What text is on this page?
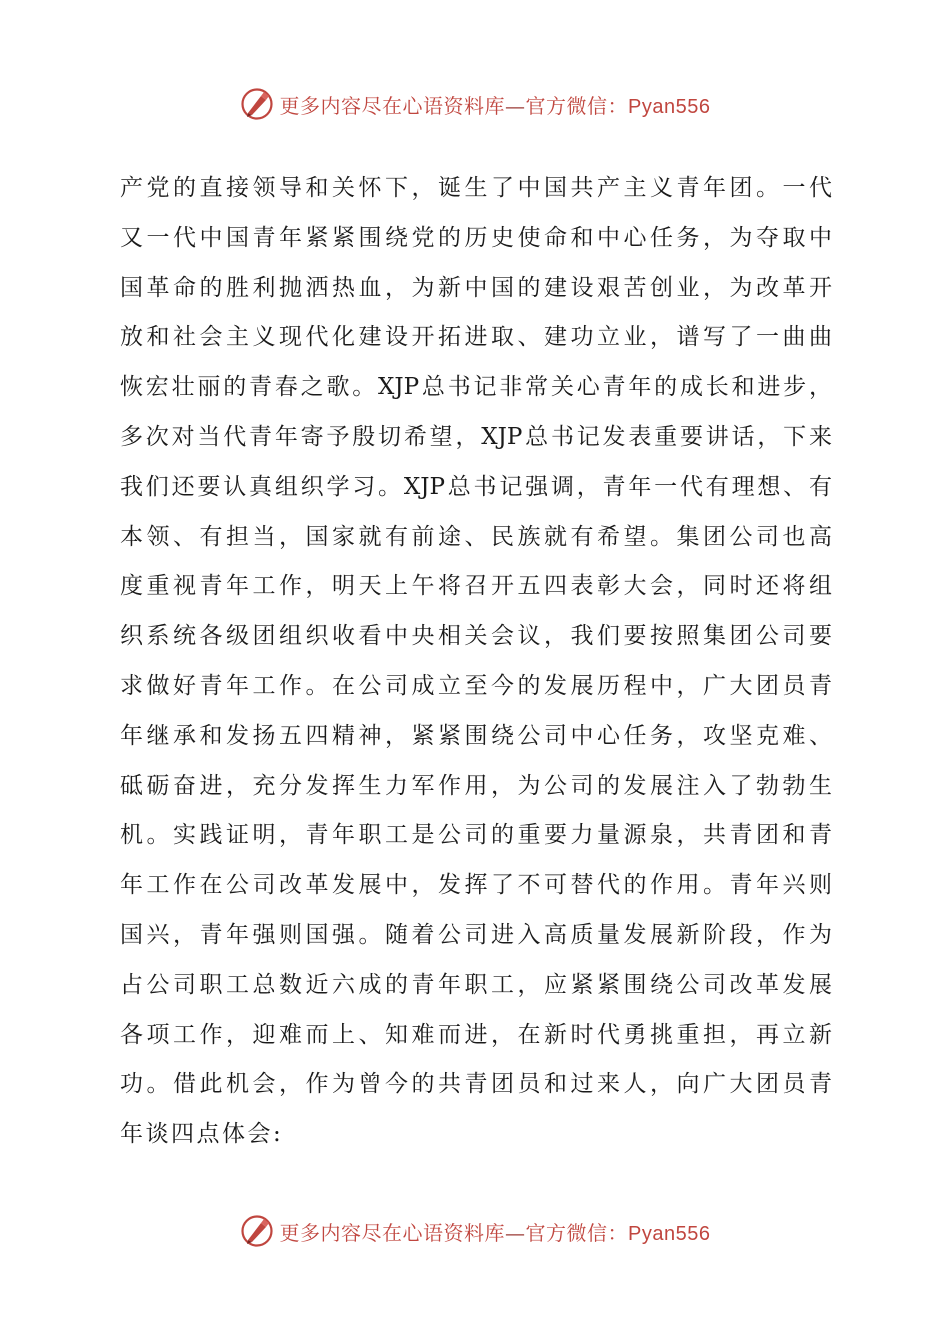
更多内容尽在心语资料库—官方微信：Pyan556
产党的直接领导和关怀下，诞生了中国共产主义青年团。一代
又一代中国青年紧紧围绕党的历史使命和中心任务，为夺取中
国革命的胜利抛洒热血，为新中国的建设艰苦创业，为改革开
放和社会主义现代化建设开拓进取、建功立业，谱写了一曲曲
恢宏壮丽的青春之歌。XJP总书记非常关心青年的成长和进步，
多次对当代青年寄予殷切希望，XJP总书记发表重要讲话，下来
我们还要认真组织学习。XJP总书记强调，青年一代有理想、有
本领、有担当，国家就有前途、民族就有希望。集团公司也高
度重视青年工作，明天上午将召开五四表彰大会，同时还将组
织系统各级团组织收看中央相关会议，我们要按照集团公司要
求做好青年工作。在公司成立至今的发展历程中，广大团员青
年继承和发扬五四精神，紧紧围绕公司中心任务，攻坚克难、
砥砺奋进，充分发挥生力军作用，为公司的发展注入了勃勃生
机。实践证明，青年职工是公司的重要力量源泉，共青团和青
年工作在公司改革发展中，发挥了不可替代的作用。青年兴则
国兴，青年强则国强。随着公司进入高质量发展新阶段，作为
占公司职工总数近六成的青年职工，应紧紧围绕公司改革发展
各项工作，迎难而上、知难而进，在新时代勇挑重担，再立新
功。借此机会，作为曾今的共青团员和过来人，向广大团员青
年谈四点体会:
更多内容尽在心语资料库—官方微信：Pyan556
